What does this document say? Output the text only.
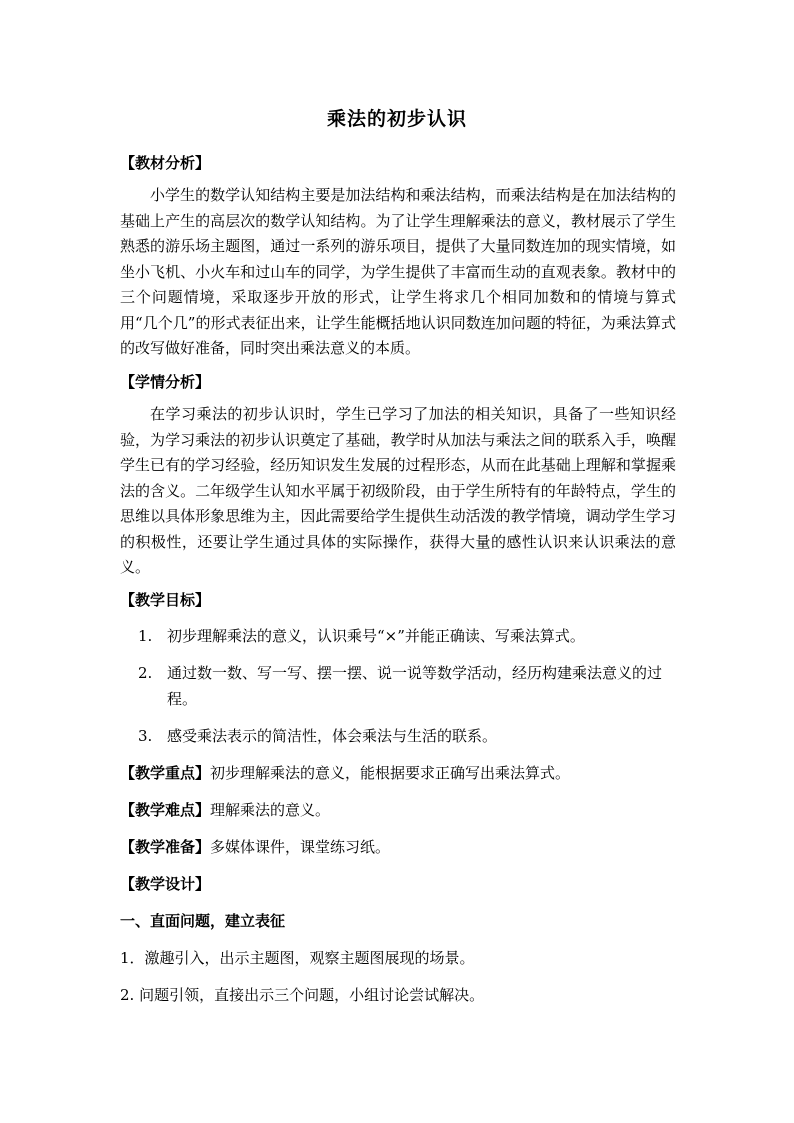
乘法的初步认识
【教材分析】
小学生的数学认知结构主要是加法结构和乘法结构，而乘法结构是在加法结构的基础上产生的高层次的数学认知结构。为了让学生理解乘法的意义，教材展示了学生熟悉的游乐场主题图，通过一系列的游乐项目，提供了大量同数连加的现实情境，如坐小飞机、小火车和过山车的同学，为学生提供了丰富而生动的直观表象。教材中的三个问题情境，采取逐步开放的形式，让学生将求几个相同加数和的情境与算式用“几个几”的形式表征出来，让学生能概括地认识同数连加问题的特征，为乘法算式的改写做好准备，同时突出乘法意义的本质。
【学情分析】
在学习乘法的初步认识时，学生已学习了加法的相关知识，具备了一些知识经验，为学习乘法的初步认识奠定了基础，教学时从加法与乘法之间的联系入手，唤醒学生已有的学习经验，经历知识发生发展的过程形态，从而在此基础上理解和掌握乘法的含义。二年级学生认知水平属于初级阶段，由于学生所特有的年龄特点，学生的思维以具体形象思维为主，因此需要给学生提供生动活泼的教学情境，调动学生学习的积极性，还要让学生通过具体的实际操作，获得大量的感性认识来认识乘法的意义。
【教学目标】
1. 初步理解乘法的意义，认识乘号“×”并能正确读、写乘法算式。
2. 通过数一数、写一写、摆一摆、说一说等数学活动，经历构建乘法意义的过程。
3. 感受乘法表示的简洁性，体会乘法与生活的联系。
【教学重点】初步理解乘法的意义，能根据要求正确写出乘法算式。
【教学难点】理解乘法的意义。
【教学准备】多媒体课件，课堂练习纸。
【教学设计】
一、直面问题，建立表征
1．激趣引入，出示主题图，观察主题图展现的场景。
2. 问题引领，直接出示三个问题，小组讨论尝试解决。
